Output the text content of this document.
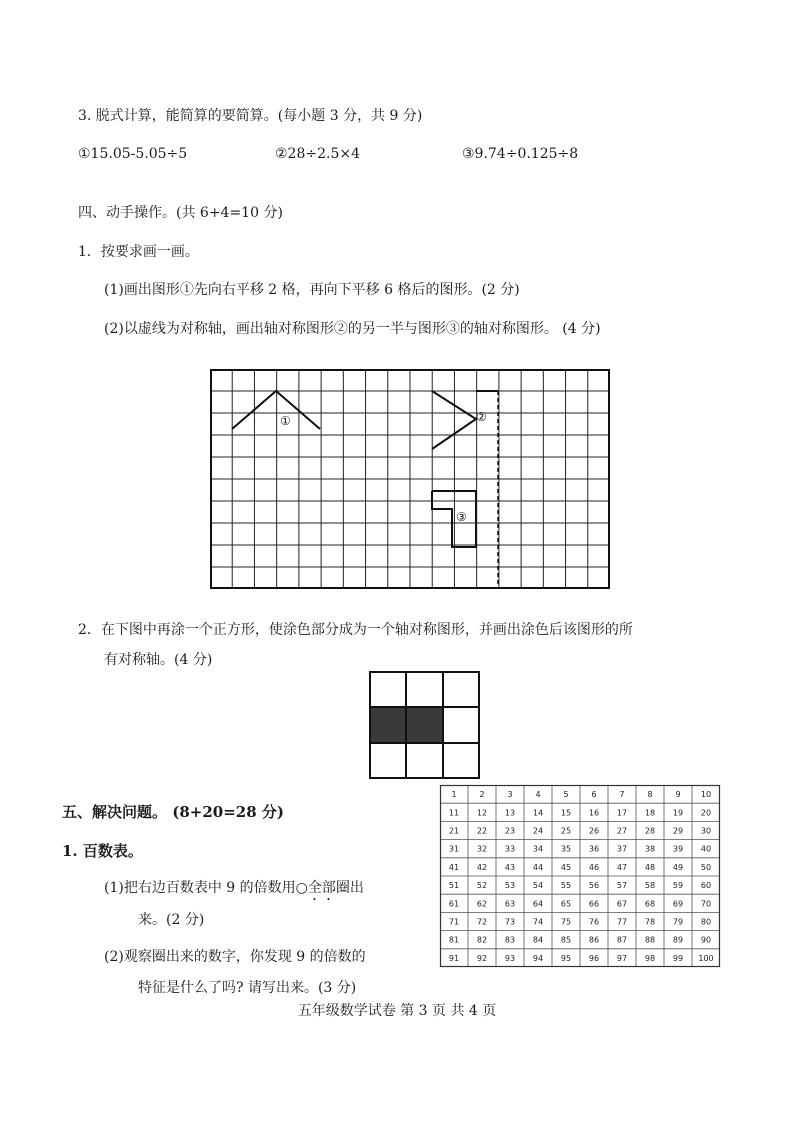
3. 脱式计算，能简算的要简算。(每小题 3 分，共 9 分)
①15.05-5.05÷5	②28÷2.5×4	③9.74÷0.125÷8
四、动手操作。(共 6+4=10 分)
1．按要求画一画。
(1)画出图形①先向右平移 2 格，再向下平移 6 格后的图形。(2 分)
(2)以虚线为对称轴，画出轴对称图形②的另一半与图形③的轴对称图形。 (4 分)
①	②
③
2．在下图中再涂一个正方形，使涂色部分成为一个轴对称图形，并画出涂色后该图形的所
有对称轴。(4 分)
五、解决问题。 (8+20=28 分)
1. 百数表。
(1)把右边百数表中 9 的倍数用○全部圈出
来。(2 分)
(2)观察圈出来的数字，你发现 9 的倍数的
特征是什么了吗? 请写出来。(3 分)
1	2	3	4	5	6	7	8	9	10
11 12 13 14 15 16 17 18 19 20
21 22 23 24 25 26 27 28 29 30
31 32 33 34 35 36 37 38 39 40
41 42 43 44 45 46 47 48 49 50
51 52 53 54 55 56 57 58 59 60
61 62 63 64 65 66 67 68 69 70
71 72 73 74 75 76 77 78 79 80
81 82 83 84 85 86 87 88 89 90
91 92 93 94 95 96 97 98 99 100
五年级数学试卷 第 3 页 共 4 页
